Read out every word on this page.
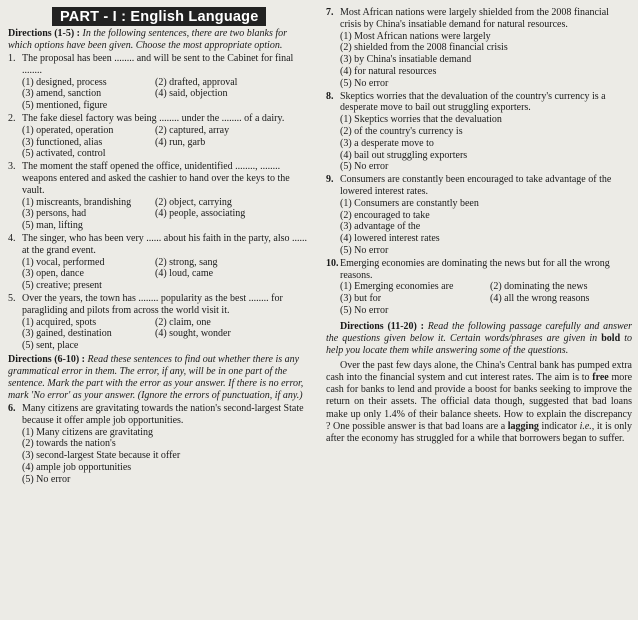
PART - I : English Language
Directions (1-5) : In the following sentences, there are two blanks for which options have been given. Choose the most appropriate option.
1. The proposal has been ........ and will be sent to the Cabinet for final ........
(1) designed, process	(2) drafted, approval
(3) amend, sanction	(4) said, objection
(5) mentioned, figure
2. The fake diesel factory was being ........ under the ........ of a dairy.
(1) operated, operation	(2) captured, array
(3) functioned, alias	(4) run, garb
(5) activated, control
3. The moment the staff opened the office, unidentified ........, ........ weapons entered and asked the cashier to hand over the keys to the vault.
(1) miscreants, brandishing	(2) object, carrying
(3) persons, had	(4) people, associating
(5) man, lifting
4. The singer, who has been very ...... about his faith in the party, also ...... at the grand event.
(1) vocal, performed	(2) strong, sang
(3) open, dance	(4) loud, came
(5) creative; present
5. Over the years, the town has ........ popularity as the best ........ for paragliding and pilots from across the world visit it.
(1) acquired, spots	(2) claim, one
(3) gained, destination	(4) sought, wonder
(5) sent, place
Directions (6-10) : Read these sentences to find out whether there is any grammatical error in them. The error, if any, will be in one part of the sentence. Mark the part with the error as your answer. If there is no error, mark 'No error' as your answer. (Ignore the errors of punctuation, if any.)
6. Many citizens are gravitating towards the nation's second-largest State because it offer ample job opportunities.
(1) Many citizens are gravitating
(2) towards the nation's
(3) second-largest State because it offer
(4) ample job opportunities
(5) No error
7. Most African nations were largely shielded from the 2008 financial crisis by China's insatiable demand for natural resources.
(1) Most African nations were largely
(2) shielded from the 2008 financial crisis
(3) by China's insatiable demand
(4) for natural resources
(5) No error
8. Skeptics worries that the devaluation of the country's currency is a desperate move to bail out struggling exporters.
(1) Skeptics worries that the devaluation
(2) of the country's currency is
(3) a desperate move to
(4) bail out struggling exporters
(5) No error
9. Consumers are constantly been encouraged to take advantage of the lowered interest rates.
(1) Consumers are constantly been
(2) encouraged to take
(3) advantage of the
(4) lowered interest rates
(5) No error
10. Emerging economies are dominating the news but for all the wrong reasons.
(1) Emerging economies are	(2) dominating the news
(3) but for	(4) all the wrong reasons
(5) No error
Directions (11-20) : Read the following passage carefully and answer the questions given below it. Certain words/phrases are given in bold to help you locate them while answering some of the questions.
Over the past few days alone, the China's Central bank has pumped extra cash into the financial system and cut interest rates. The aim is to free more cash for banks to lend and provide a boost for banks seeking to improve the return on their assets. The official data though, suggested that bad loans make up only 1.4% of their balance sheets. How to explain the discrepancy ? One possible answer is that bad loans are a lagging indicator i.e., it is only after the economy has struggled for a while that borrowers began to suffer.
